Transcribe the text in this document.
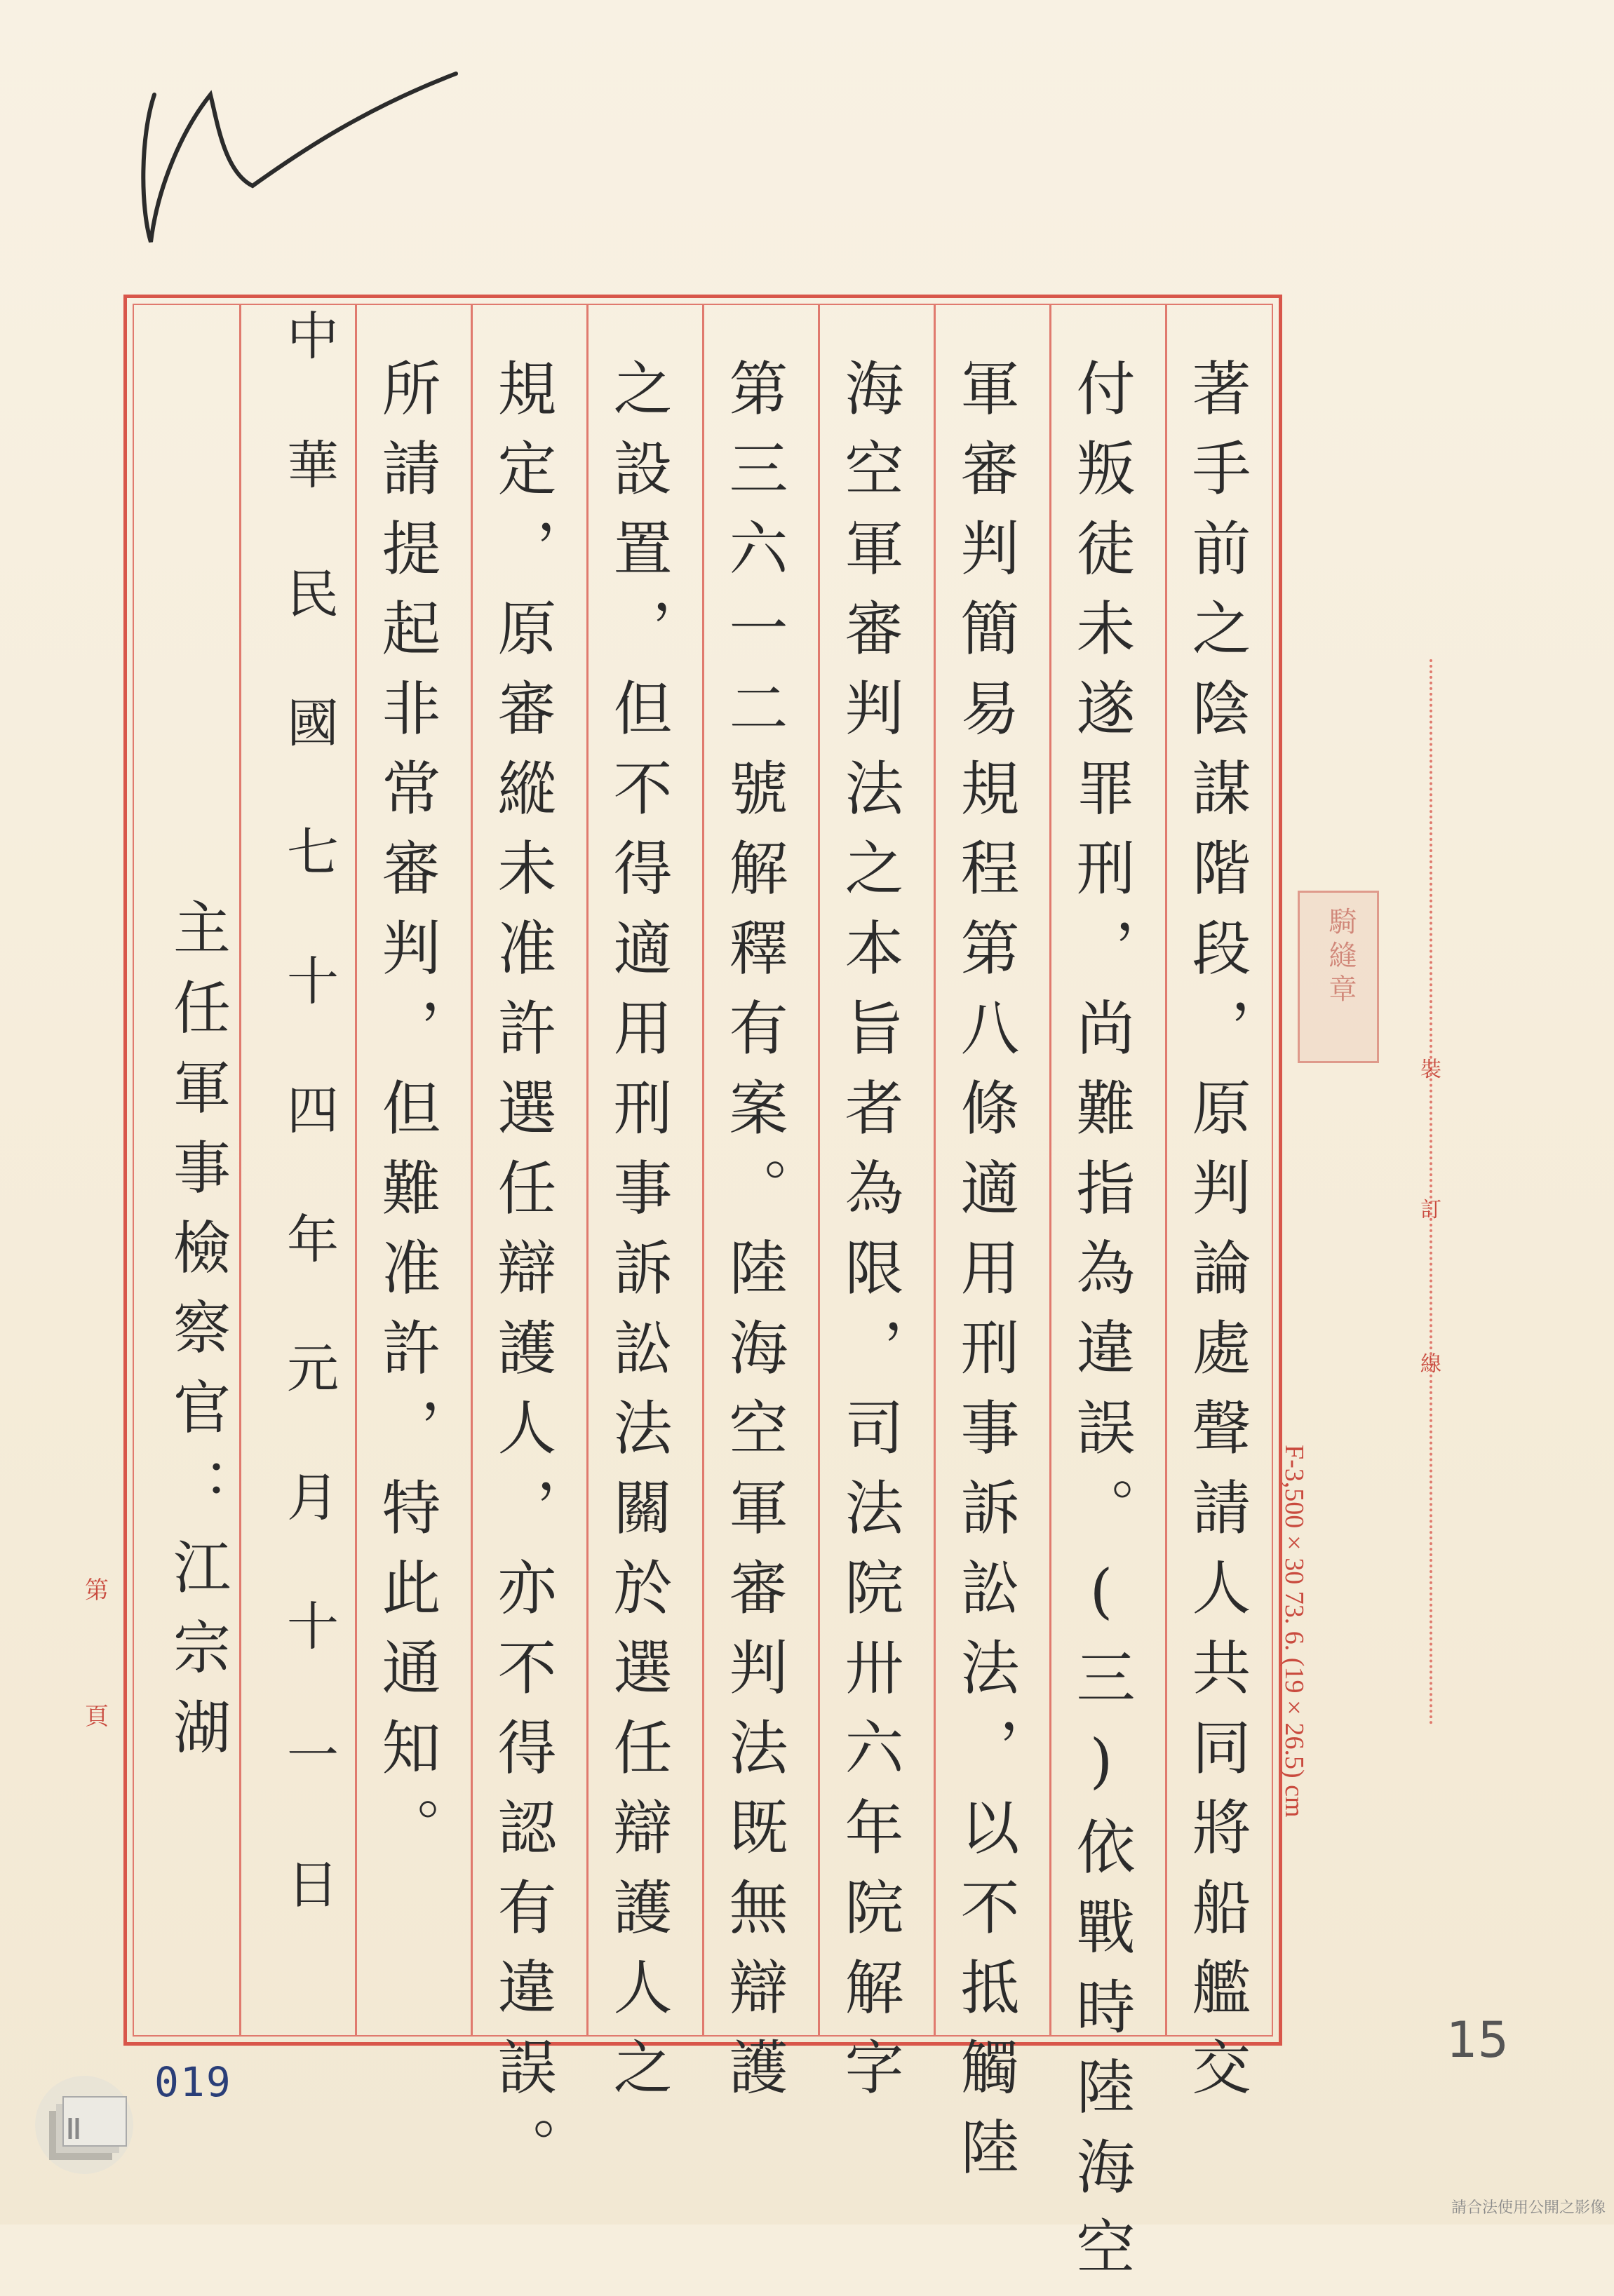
著手前之陰謀階段，原判論處聲請人共同將船艦交
付叛徒未遂罪刑，尚難指為違誤。(三)依戰時陸海空
軍審判簡易規程第八條適用刑事訴訟法，以不抵觸陸
海空軍審判法之本旨者為限，司法院卅六年院解字
第三六一二號解釋有案。陸海空軍審判法既無辯護
之設置，但不得適用刑事訴訟法關於選任辯護人之
規定，原審縱未准許選任辯護人，亦不得認有違誤。
所請提起非常審判，但難准許，特此通知。
中　華　民　國　七　十　四　年　元　月　十　一　日
主任軍事檢察官：江宗湖
第
頁
裝
訂
線
騎縫章
F-3,500×30 73. 6. (19×26.5) cm
15
019
請合法使用公開之影像
